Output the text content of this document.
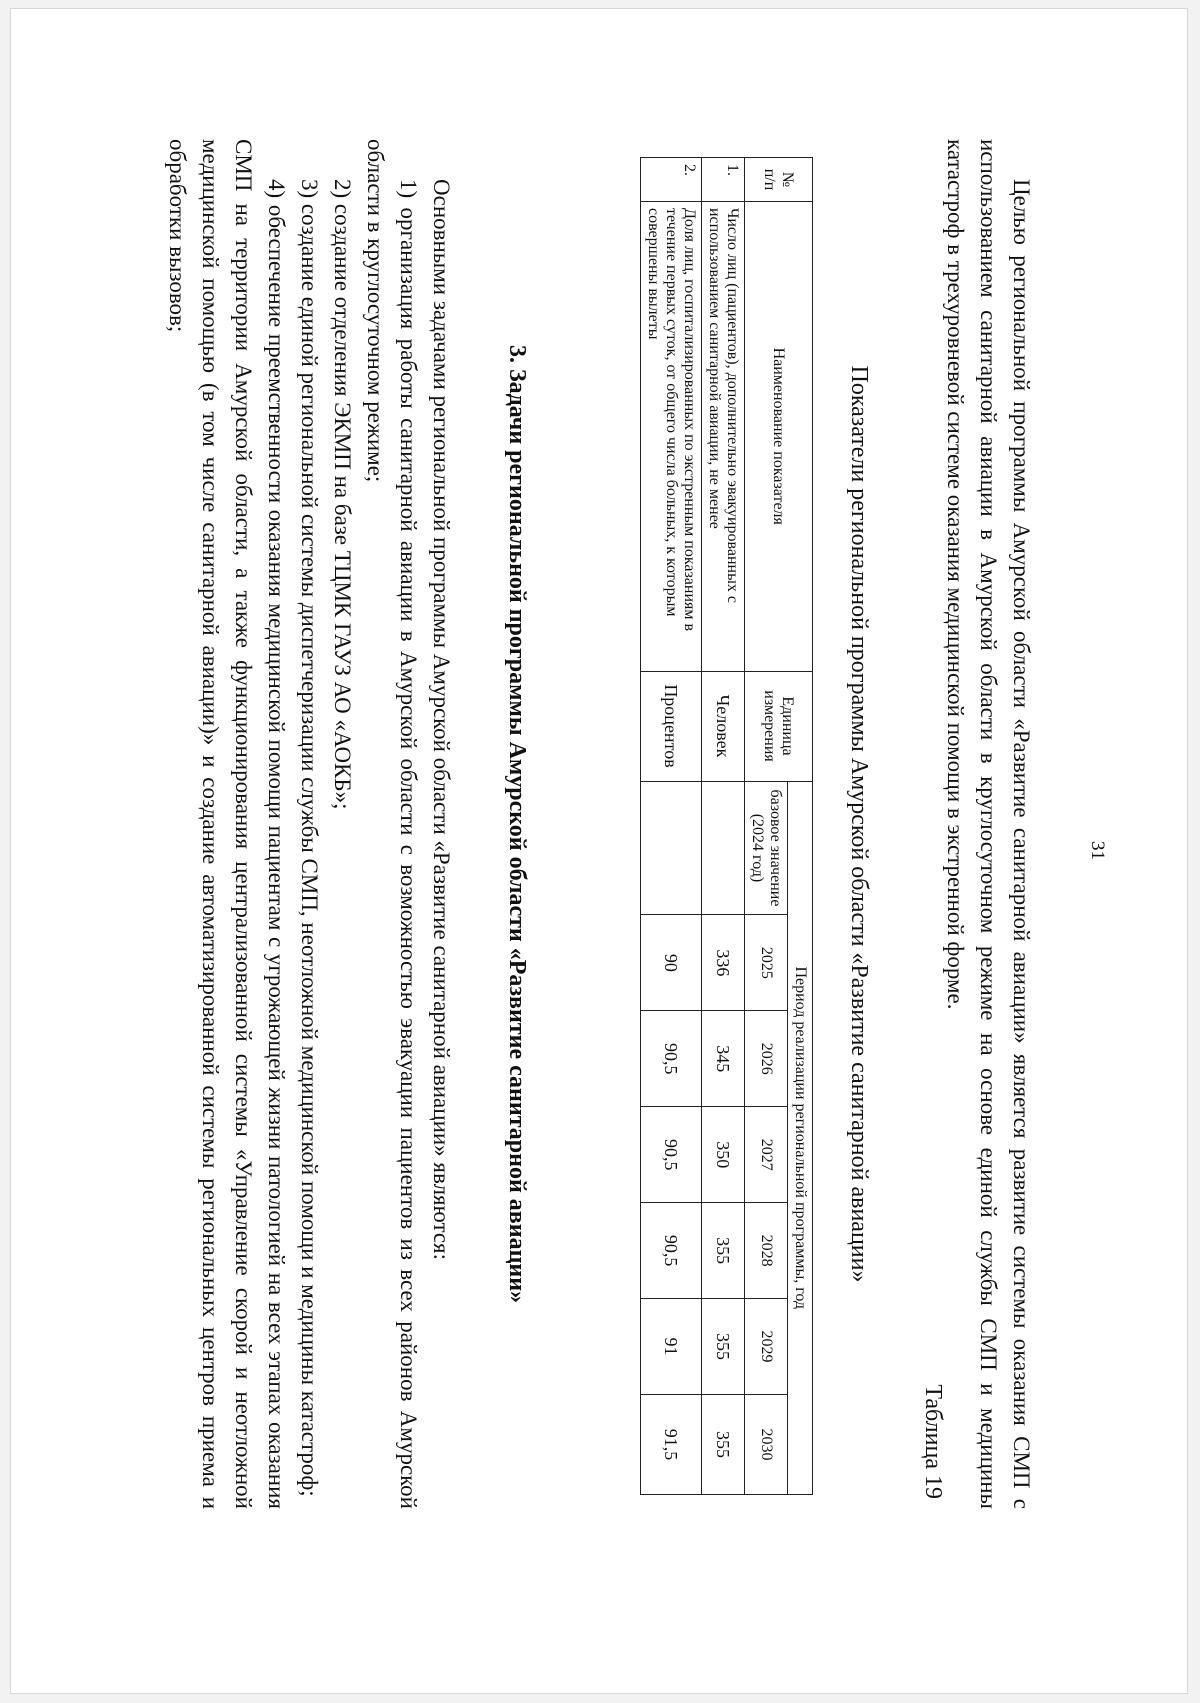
31
Целью региональной программы Амурской области «Развитие санитарной авиации» является развитие системы оказания СМП с использованием санитарной авиации в Амурской области в круглосуточном режиме на основе единой службы СМП и медицины катастроф в трехуровневой системе оказания медицинской помощи в экстренной форме.
Таблица 19
Показатели региональной программы Амурской области «Развитие санитарной авиации»
№ п/п	Наименование показателя	Единица измерения	Период реализации региональной программы, год						
			базовое значение (2024 год)	2025	2026	2027	2028	2029	2030
1.	Число лиц (пациентов), дополнительно эвакуированных с использованием санитарной авиации, не менее	Человек		336	345	350	355	355	355
2.	Доля лиц, госпитализированных по экстренным показаниям в течение первых суток, от общего числа больных, к которым совершены вылеты	Процентов		90	90,5	90,5	90,5	91	91,5
3. Задачи региональной программы Амурской области «Развитие санитарной авиации»

Основными задачами региональной программы Амурской области «Развитие санитарной авиации» являются:

1) организация работы санитарной авиации в Амурской области с возможностью эвакуации пациентов из всех районов Амурской области в круглосуточном режиме;

2) создание отделения ЭКМП на базе ТЦМК ГАУЗ АО «АОКБ»;

3) создание единой региональной системы диспетчеризации службы СМП, неотложной медицинской помощи и медицины катастроф;

4) обеспечение преемственности оказания медицинской помощи пациентам с угрожающей жизни патологией на всех этапах оказания СМП на территории Амурской области, а также функционирования централизованной системы «Управление скорой и неотложной медицинской помощью (в том числе санитарной авиации)» и создание автоматизированной системы региональных центров приема и обработки вызовов;
